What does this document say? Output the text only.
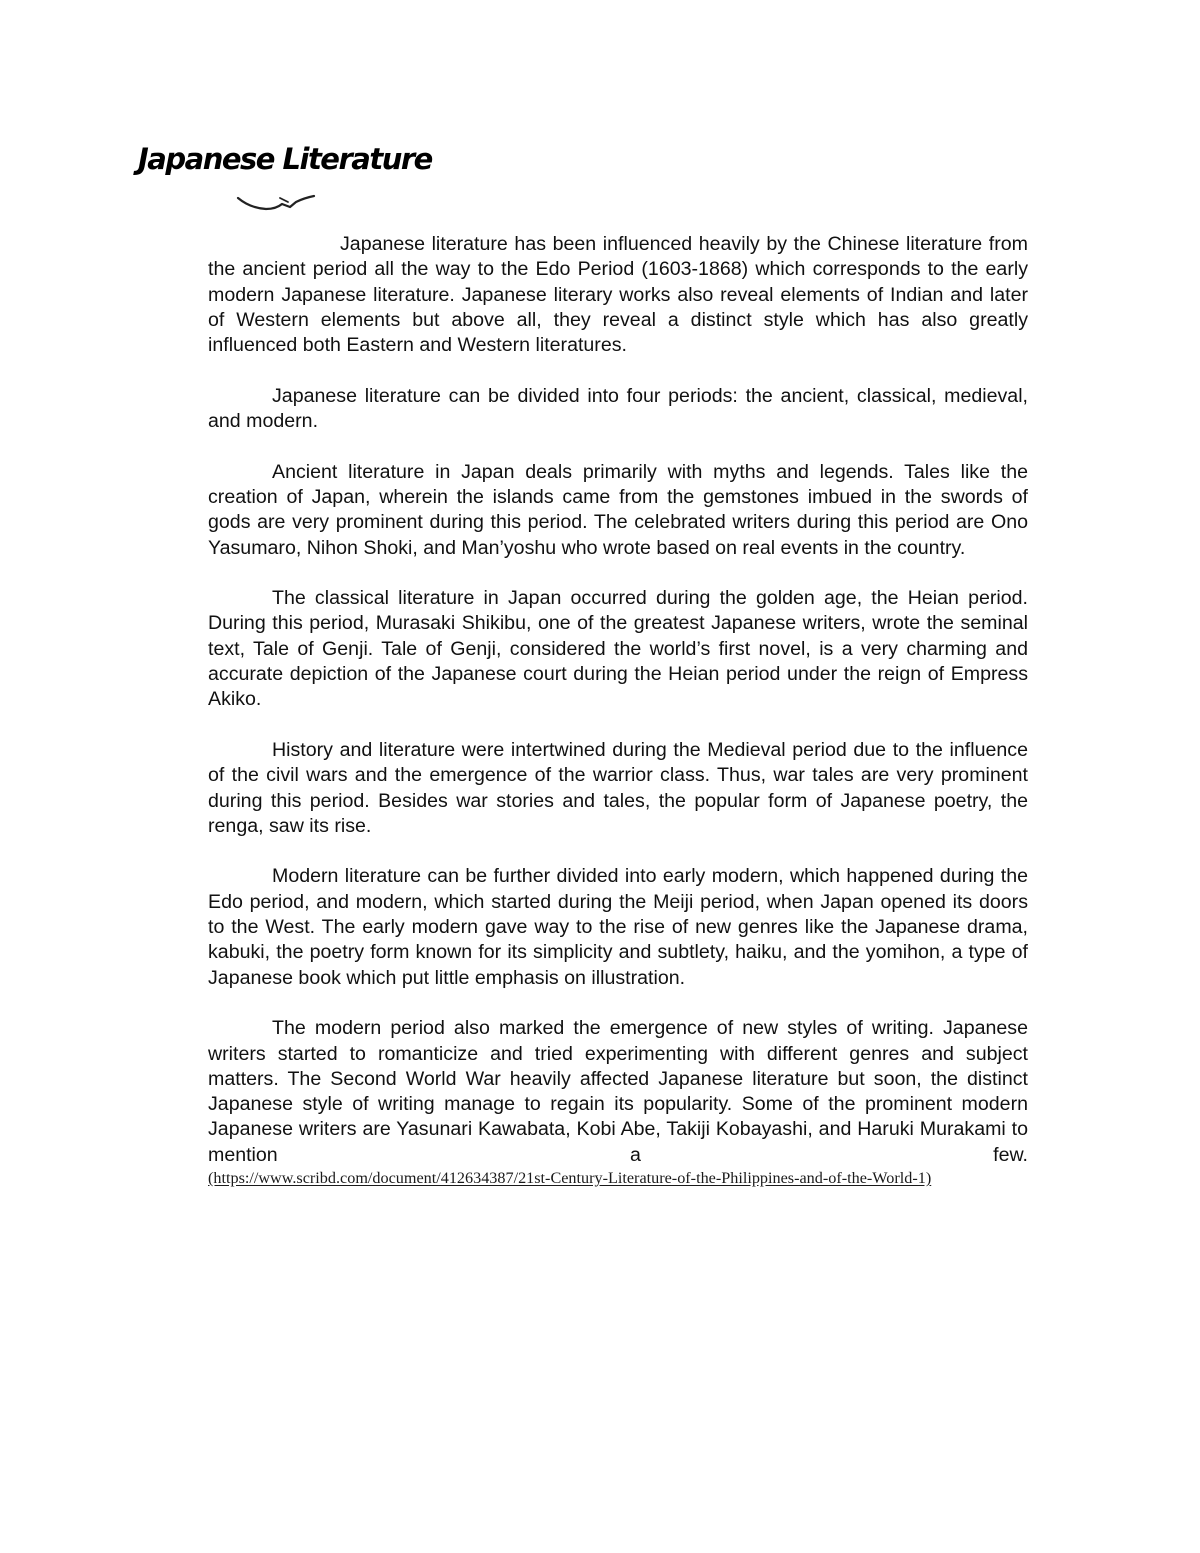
Japanese Literature

Japanese literature has been influenced heavily by the Chinese literature from the ancient period all the way to the Edo Period (1603-1868) which corresponds to the early modern Japanese literature. Japanese literary works also reveal elements of Indian and later of Western elements but above all, they reveal a distinct style which has also greatly influenced both Eastern and Western literatures.

Japanese literature can be divided into four periods: the ancient, classical, medieval, and modern.

Ancient literature in Japan deals primarily with myths and legends. Tales like the creation of Japan, wherein the islands came from the gemstones imbued in the swords of gods are very prominent during this period. The celebrated writers during this period are Ono Yasumaro, Nihon Shoki, and Man’yoshu who wrote based on real events in the country.

The classical literature in Japan occurred during the golden age, the Heian period. During this period, Murasaki Shikibu, one of the greatest Japanese writers, wrote the seminal text, Tale of Genji. Tale of Genji, considered the world’s first novel, is a very charming and accurate depiction of the Japanese court during the Heian period under the reign of Empress Akiko.

History and literature were intertwined during the Medieval period due to the influence of the civil wars and the emergence of the warrior class. Thus, war tales are very prominent during this period. Besides war stories and tales, the popular form of Japanese poetry, the renga, saw its rise.

Modern literature can be further divided into early modern, which happened during the Edo period, and modern, which started during the Meiji period, when Japan opened its doors to the West. The early modern gave way to the rise of new genres like the Japanese drama, kabuki, the poetry form known for its simplicity and subtlety, haiku, and the yomihon, a type of Japanese book which put little emphasis on illustration.

The modern period also marked the emergence of new styles of writing. Japanese writers started to romanticize and tried experimenting with different genres and subject matters. The Second World War heavily affected Japanese literature but soon, the distinct Japanese style of writing manage to regain its popularity. Some of the prominent modern Japanese writers are Yasunari Kawabata, Kobi Abe, Takiji Kobayashi, and Haruki Murakami to mention a few.

(https://www.scribd.com/document/412634387/21st-Century-Literature-of-the-Philippines-and-of-the-World-1)
